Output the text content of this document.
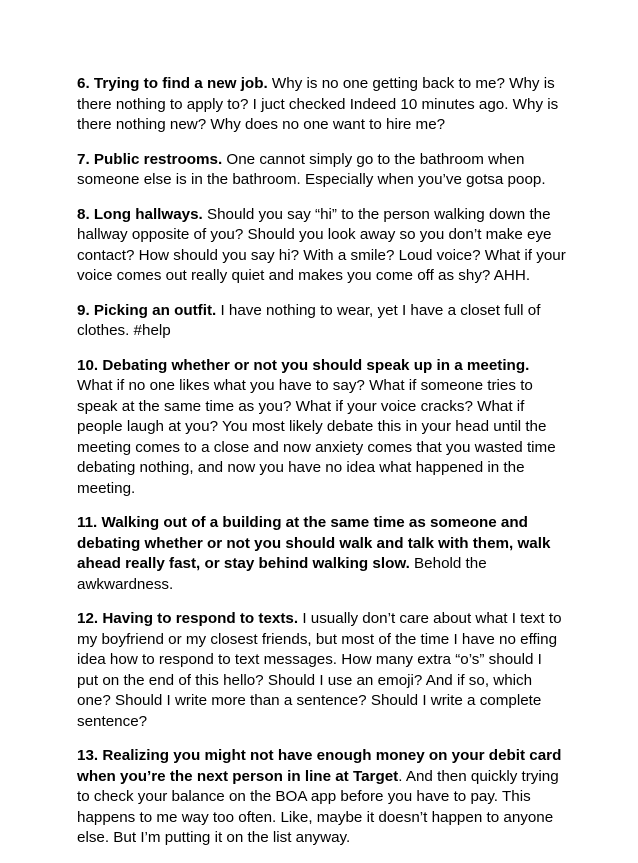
6. Trying to find a new job. Why is no one getting back to me? Why is there nothing to apply to? I juct checked Indeed 10 minutes ago. Why is there nothing new? Why does no one want to hire me?

7. Public restrooms. One cannot simply go to the bathroom when someone else is in the bathroom. Especially when you’ve gotsa poop.

8. Long hallways. Should you say “hi” to the person walking down the hallway opposite of you? Should you look away so you don’t make eye contact? How should you say hi? With a smile? Loud voice? What if your voice comes out really quiet and makes you come off as shy? AHH.

9. Picking an outfit. I have nothing to wear, yet I have a closet full of clothes. #help

10. Debating whether or not you should speak up in a meeting. What if no one likes what you have to say? What if someone tries to speak at the same time as you? What if your voice cracks? What if people laugh at you? You most likely debate this in your head until the meeting comes to a close and now anxiety comes that you wasted time debating nothing, and now you have no idea what happened in the meeting.

11. Walking out of a building at the same time as someone and debating whether or not you should walk and talk with them, walk ahead really fast, or stay behind walking slow. Behold the awkwardness.

12. Having to respond to texts. I usually don’t care about what I text to my boyfriend or my closest friends, but most of the time I have no effing idea how to respond to text messages. How many extra “o’s” should I put on the end of this hello? Should I use an emoji? And if so, which one? Should I write more than a sentence? Should I write a complete sentence?

13. Realizing you might not have enough money on your debit card when you’re the next person in line at Target. And then quickly trying to check your balance on the BOA app before you have to pay. This happens to me way too often. Like, maybe it doesn’t happen to anyone else. But I’m putting it on the list anyway.
